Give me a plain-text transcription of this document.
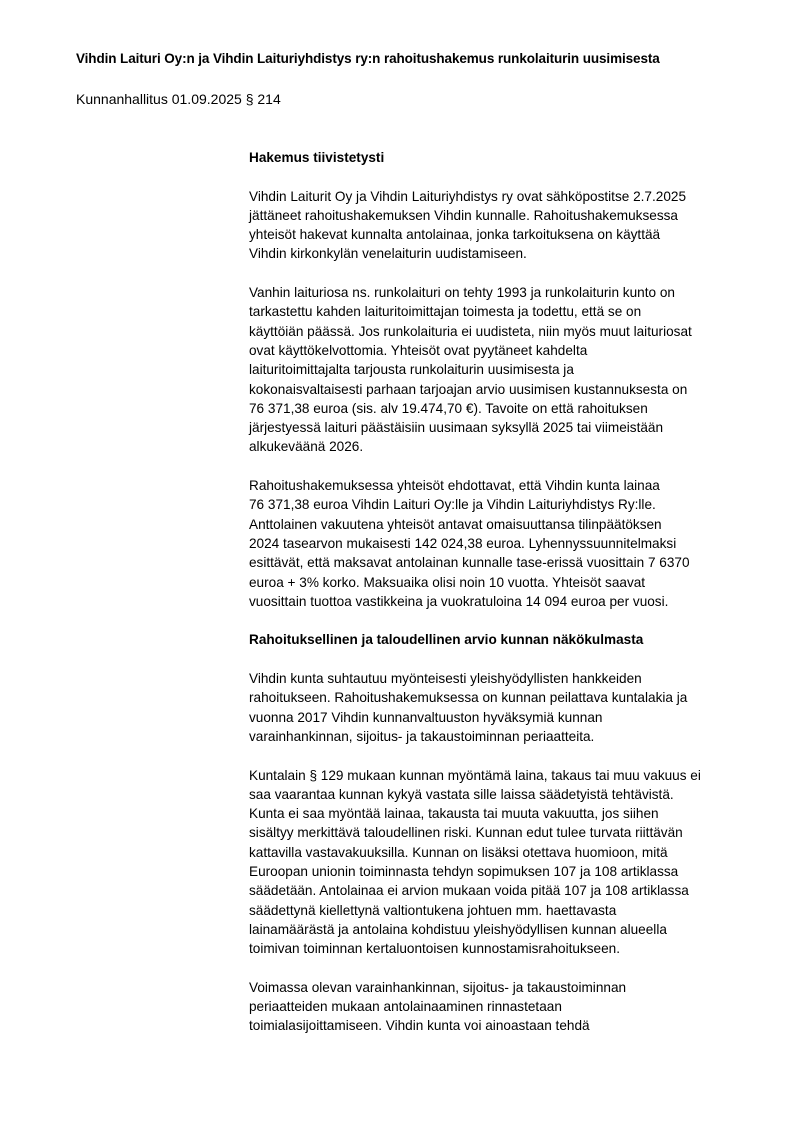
Vihdin Laituri Oy:n ja Vihdin Laituriyhdistys ry:n rahoitushakemus runkolaiturin uusimisesta
Kunnanhallitus 01.09.2025 § 214
Hakemus tiivistetysti

Vihdin Laiturit Oy ja Vihdin Laituriyhdistys ry ovat sähköpostitse 2.7.2025
jättäneet rahoitushakemuksen Vihdin kunnalle. Rahoitushakemuksessa
yhteisöt hakevat kunnalta antolainaa, jonka tarkoituksena on käyttää
Vihdin kirkonkylän venelaiturin uudistamiseen.

Vanhin laituriosa ns. runkolaituri on tehty 1993 ja runkolaiturin kunto on
tarkastettu kahden laituritoimittajan toimesta ja todettu, että se on
käyttöiän päässä. Jos runkolaituria ei uudisteta, niin myös muut laituriosat
ovat käyttökelvottomia. Yhteisöt ovat pyytäneet kahdelta
laituritoimittajalta tarjousta runkolaiturin uusimisesta ja
kokonaisvaltaisesti parhaan tarjoajan arvio uusimisen kustannuksesta on
76 371,38 euroa (sis. alv 19.474,70 €). Tavoite on että rahoituksen
järjestyessä laituri päästäisiin uusimaan syksyllä 2025 tai viimeistään
alkukeväänä 2026.

Rahoitushakemuksessa yhteisöt ehdottavat, että Vihdin kunta lainaa
76 371,38 euroa Vihdin Laituri Oy:lle ja Vihdin Laituriyhdistys Ry:lle.
Anttolainen vakuutena yhteisöt antavat omaisuuttansa tilinpäätöksen
2024 tasearvon mukaisesti 142 024,38 euroa. Lyhennyssuunnitelmaksi
esittävät, että maksavat antolainan kunnalle tase-erissä vuosittain 7 6370
euroa + 3% korko. Maksuaika olisi noin 10 vuotta. Yhteisöt saavat
vuosittain tuottoa vastikkeina ja vuokratuloina 14 094 euroa per vuosi.

Rahoituksellinen ja taloudellinen arvio kunnan näkökulmasta

Vihdin kunta suhtautuu myönteisesti yleishyödyllisten hankkeiden
rahoitukseen. Rahoitushakemuksessa on kunnan peilattava kuntalakia ja
vuonna 2017 Vihdin kunnanvaltuuston hyväksymiä kunnan
varainhankinnan, sijoitus- ja takaustoiminnan periaatteita.

Kuntalain § 129 mukaan kunnan myöntämä laina, takaus tai muu vakuus ei
saa vaarantaa kunnan kykyä vastata sille laissa säädetyistä tehtävistä.
Kunta ei saa myöntää lainaa, takausta tai muuta vakuutta, jos siihen
sisältyy merkittävä taloudellinen riski. Kunnan edut tulee turvata riittävän
kattavilla vastavakuuksilla. Kunnan on lisäksi otettava huomioon, mitä
Euroopan unionin toiminnasta tehdyn sopimuksen 107 ja 108 artiklassa
säädetään. Antolainaa ei arvion mukaan voida pitää 107 ja 108 artiklassa
säädettynä kiellettynä valtiontukena johtuen mm. haettavasta
lainamäärästä ja antolaina kohdistuu yleishyödyllisen kunnan alueella
toimivan toiminnan kertaluontoisen kunnostamisrahoitukseen.

Voimassa olevan varainhankinnan, sijoitus- ja takaustoiminnan
periaatteiden mukaan antolainaaminen rinnastetaan
toimialasijoittamiseen. Vihdin kunta voi ainoastaan tehdä
